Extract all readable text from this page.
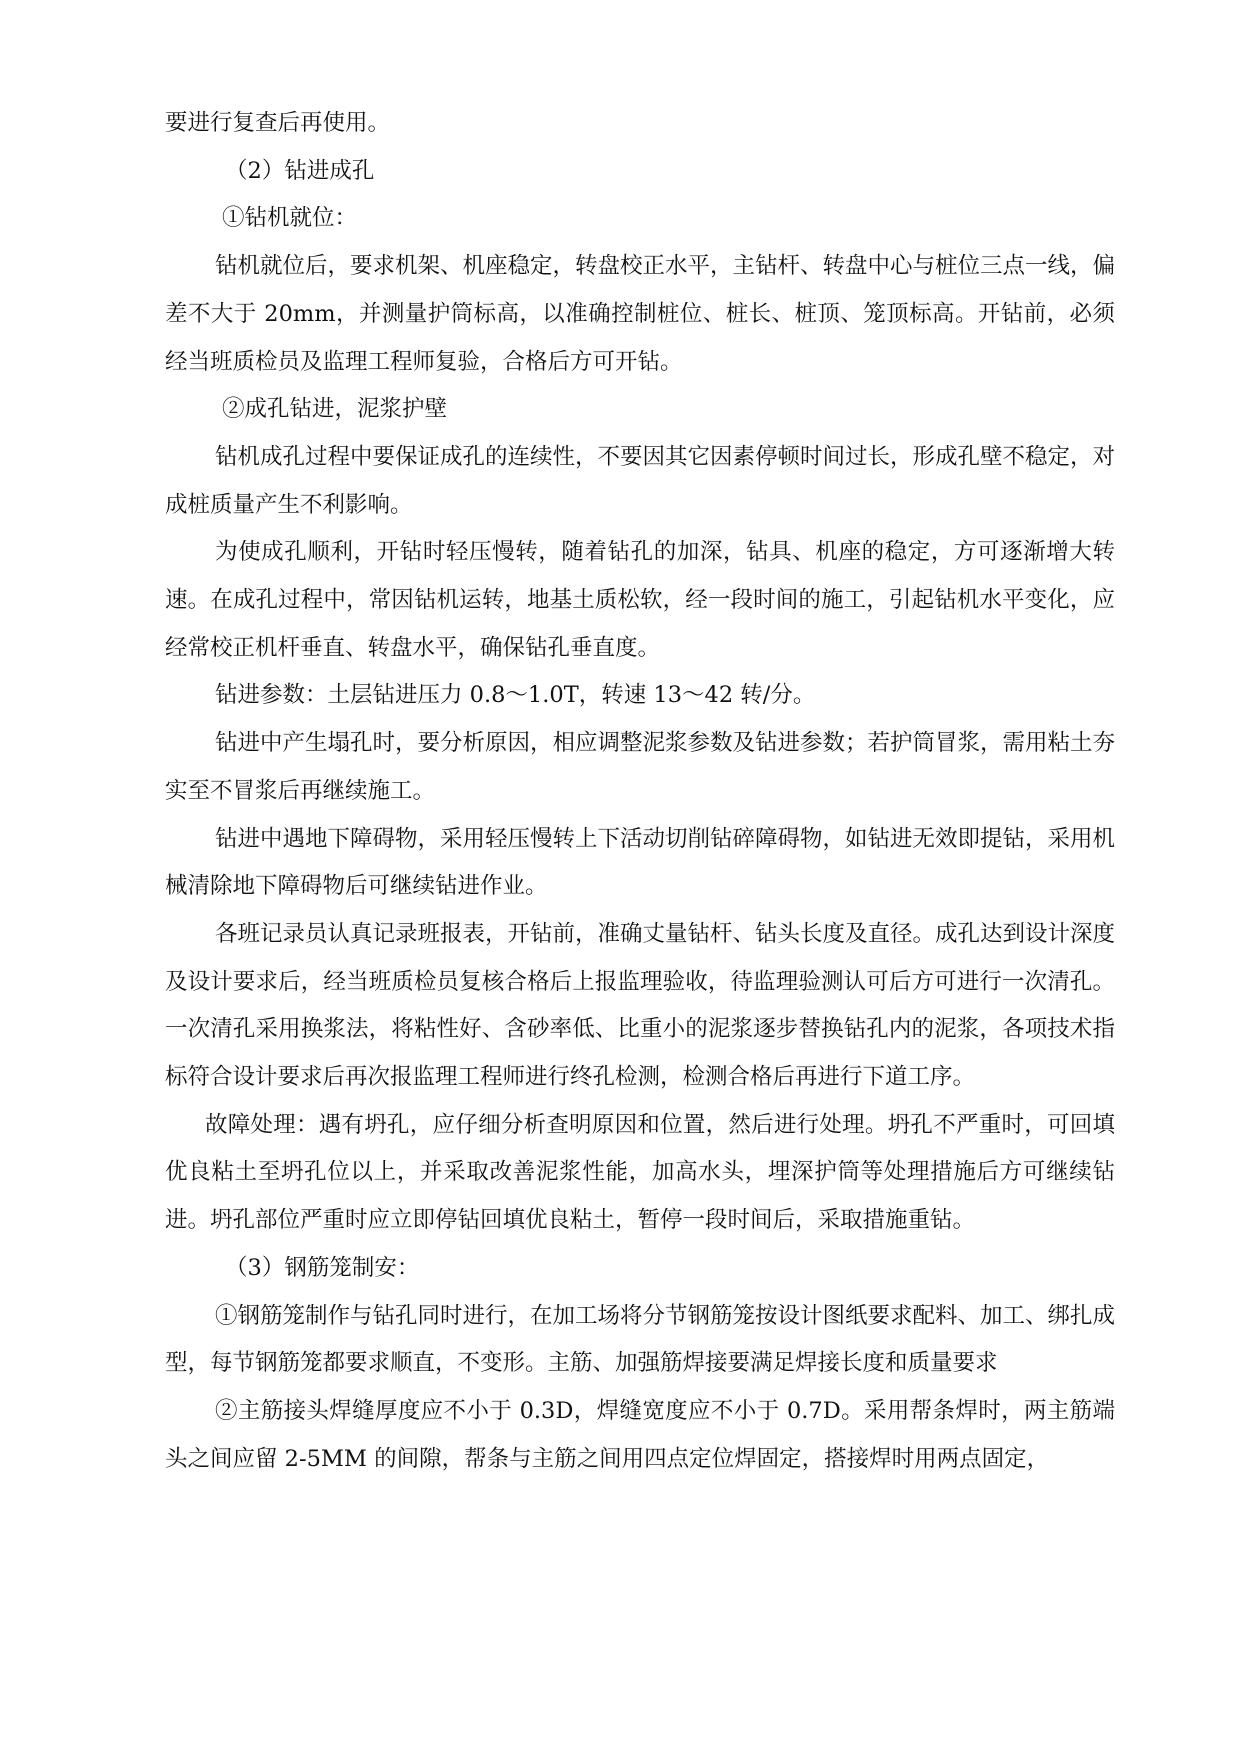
要进行复查后再使用。

（2）钻进成孔

①钻机就位：

钻机就位后，要求机架、机座稳定，转盘校正水平，主钻杆、转盘中心与桩位三点一线，偏差不大于 20mm，并测量护筒标高，以准确控制桩位、桩长、桩顶、笼顶标高。开钻前，必须经当班质检员及监理工程师复验，合格后方可开钻。

②成孔钻进，泥浆护壁

钻机成孔过程中要保证成孔的连续性，不要因其它因素停顿时间过长，形成孔壁不稳定，对成桩质量产生不利影响。

为使成孔顺利，开钻时轻压慢转，随着钻孔的加深，钻具、机座的稳定，方可逐渐增大转速。在成孔过程中，常因钻机运转，地基土质松软，经一段时间的施工，引起钻机水平变化，应经常校正机杆垂直、转盘水平，确保钻孔垂直度。

钻进参数：土层钻进压力 0.8～1.0T，转速 13～42 转/分。

钻进中产生塌孔时，要分析原因，相应调整泥浆参数及钻进参数；若护筒冒浆，需用粘土夯实至不冒浆后再继续施工。

钻进中遇地下障碍物，采用轻压慢转上下活动切削钻碎障碍物，如钻进无效即提钻，采用机械清除地下障碍物后可继续钻进作业。

各班记录员认真记录班报表，开钻前，准确丈量钻杆、钻头长度及直径。成孔达到设计深度及设计要求后，经当班质检员复核合格后上报监理验收，待监理验测认可后方可进行一次清孔。一次清孔采用换浆法，将粘性好、含砂率低、比重小的泥浆逐步替换钻孔内的泥浆，各项技术指标符合设计要求后再次报监理工程师进行终孔检测，检测合格后再进行下道工序。

故障处理：遇有坍孔，应仔细分析查明原因和位置，然后进行处理。坍孔不严重时，可回填优良粘土至坍孔位以上，并采取改善泥浆性能，加高水头，埋深护筒等处理措施后方可继续钻进。坍孔部位严重时应立即停钻回填优良粘土，暂停一段时间后，采取措施重钻。

（3）钢筋笼制安：

①钢筋笼制作与钻孔同时进行，在加工场将分节钢筋笼按设计图纸要求配料、加工、绑扎成型，每节钢筋笼都要求顺直，不变形。主筋、加强筋焊接要满足焊接长度和质量要求

②主筋接头焊缝厚度应不小于 0.3D，焊缝宽度应不小于 0.7D。采用帮条焊时，两主筋端头之间应留 2-5MM 的间隙，帮条与主筋之间用四点定位焊固定，搭接焊时用两点固定，
